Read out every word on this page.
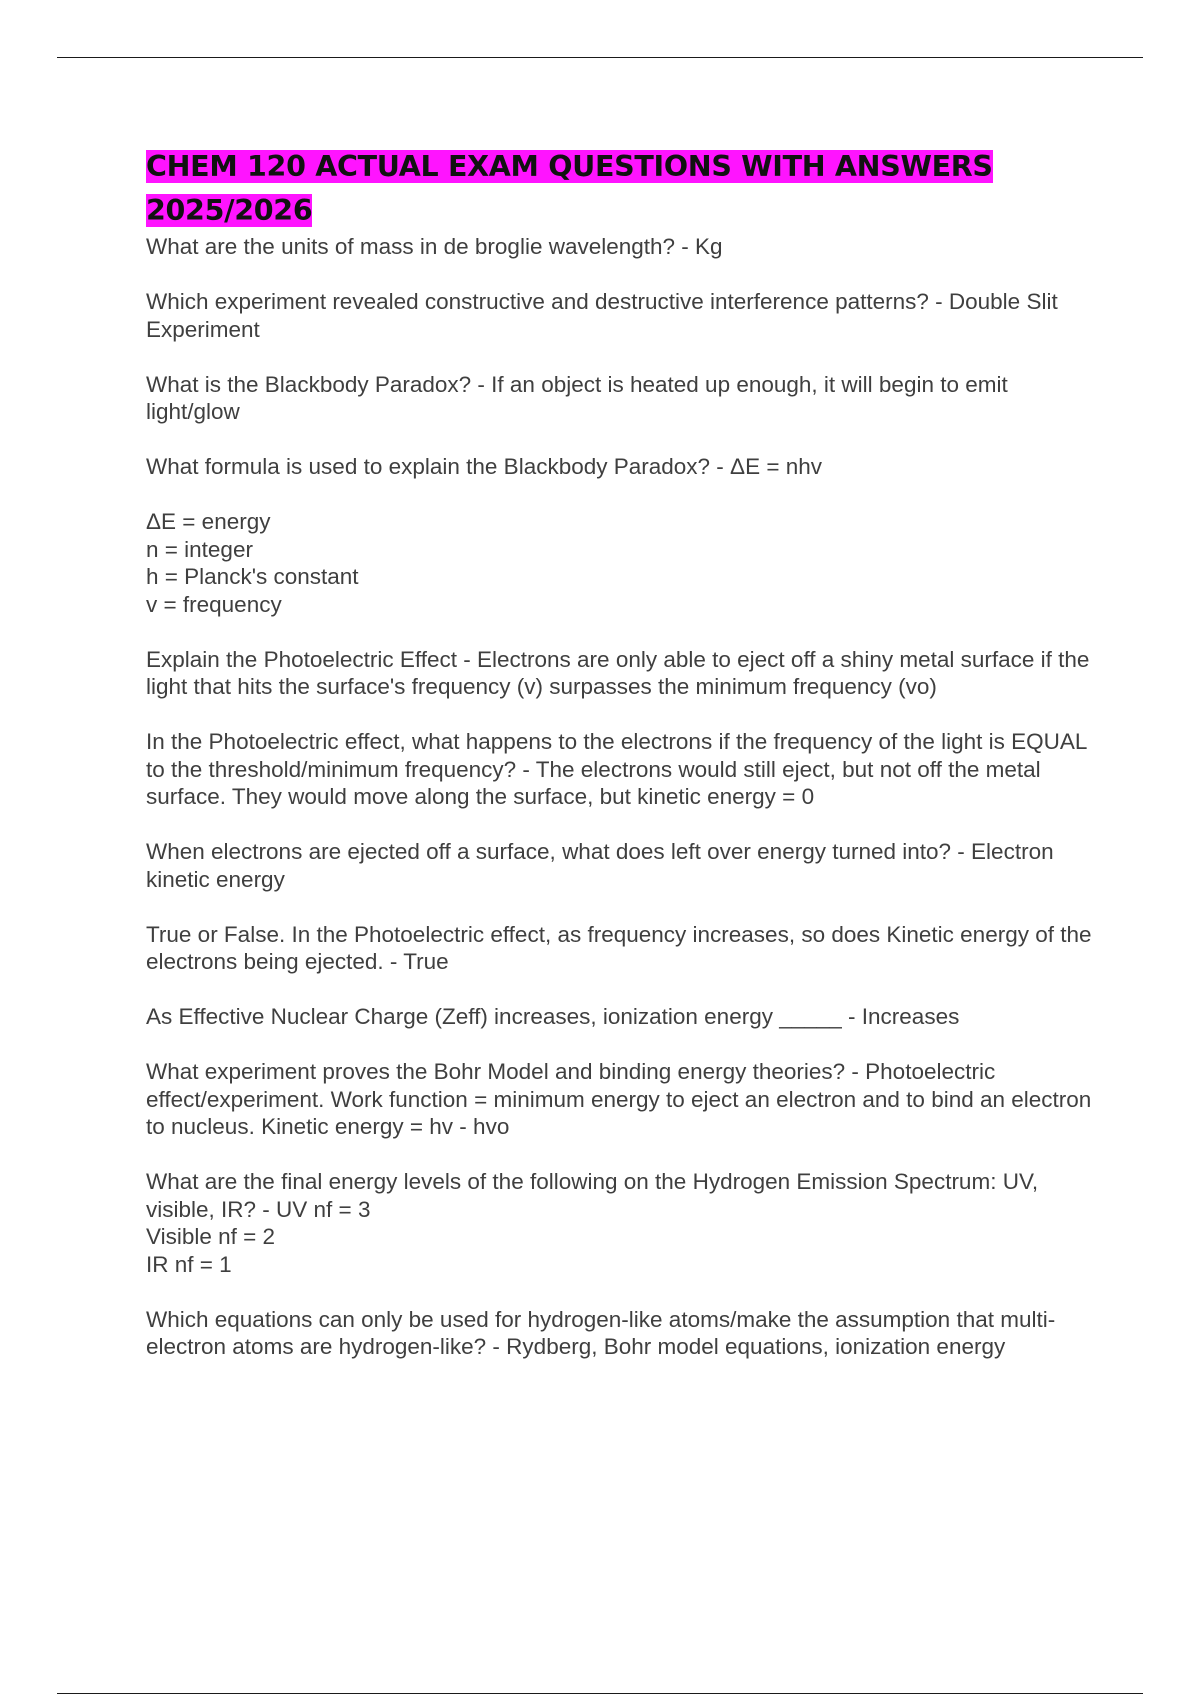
CHEM 120 ACTUAL EXAM QUESTIONS WITH ANSWERS
2025/2026

What are the units of mass in de broglie wavelength? - Kg

Which experiment revealed constructive and destructive interference patterns? - Double Slit Experiment

What is the Blackbody Paradox? - If an object is heated up enough, it will begin to emit light/glow

What formula is used to explain the Blackbody Paradox? - ΔE = nhv

ΔE = energy
n = integer
h = Planck's constant
v = frequency

Explain the Photoelectric Effect - Electrons are only able to eject off a shiny metal surface if the light that hits the surface's frequency (v) surpasses the minimum frequency (vo)

In the Photoelectric effect, what happens to the electrons if the frequency of the light is EQUAL to the threshold/minimum frequency? - The electrons would still eject, but not off the metal surface. They would move along the surface, but kinetic energy = 0

When electrons are ejected off a surface, what does left over energy turned into? - Electron kinetic energy

True or False. In the Photoelectric effect, as frequency increases, so does Kinetic energy of the electrons being ejected. - True

As Effective Nuclear Charge (Zeff) increases, ionization energy _____ - Increases

What experiment proves the Bohr Model and binding energy theories? - Photoelectric effect/experiment. Work function = minimum energy to eject an electron and to bind an electron to nucleus. Kinetic energy = hv - hvo

What are the final energy levels of the following on the Hydrogen Emission Spectrum: UV, visible, IR? - UV nf = 3
Visible nf = 2
IR nf = 1

Which equations can only be used for hydrogen-like atoms/make the assumption that multi-electron atoms are hydrogen-like? - Rydberg, Bohr model equations, ionization energy
